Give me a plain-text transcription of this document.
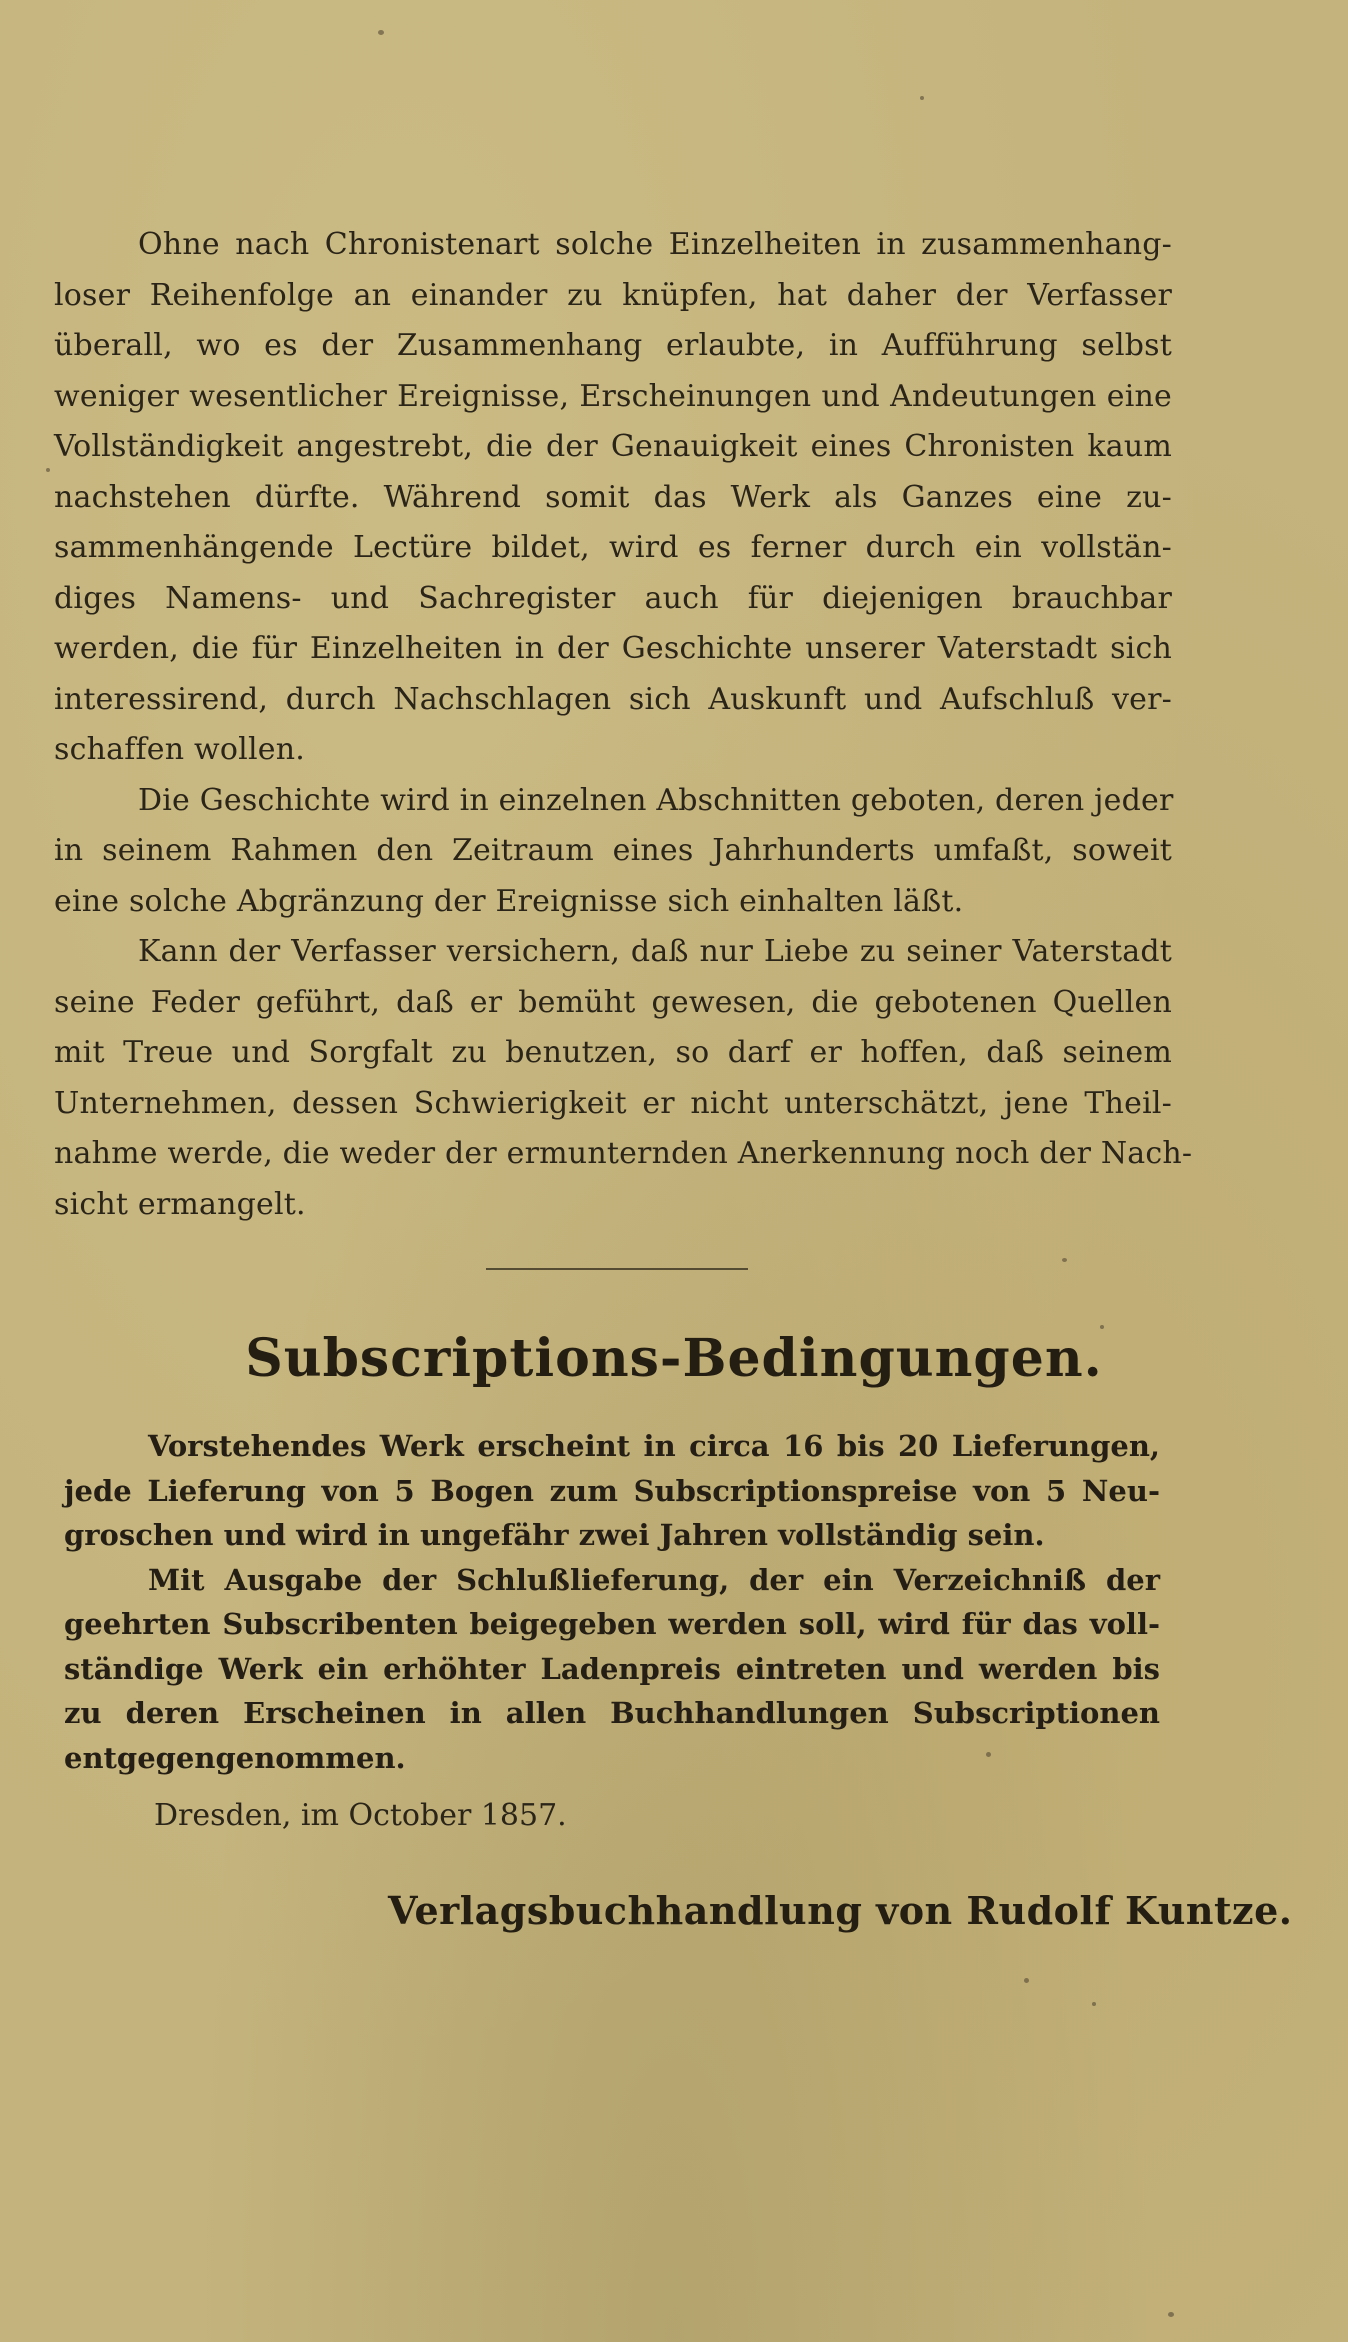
Ohne nach Chronistenart solche Einzelheiten in zusammenhang-
loser Reihenfolge an einander zu knüpfen, hat daher der Verfasser
überall, wo es der Zusammenhang erlaubte, in Aufführung selbst
weniger wesentlicher Ereignisse, Erscheinungen und Andeutungen eine
Vollständigkeit angestrebt, die der Genauigkeit eines Chronisten kaum
nachstehen dürfte. Während somit das Werk als Ganzes eine zu-
sammenhängende Lectüre bildet, wird es ferner durch ein vollstän-
diges Namens- und Sachregister auch für diejenigen brauchbar
werden, die für Einzelheiten in der Geschichte unserer Vaterstadt sich
interessirend, durch Nachschlagen sich Auskunft und Aufschluß ver-
schaffen wollen.
Die Geschichte wird in einzelnen Abschnitten geboten, deren jeder
in seinem Rahmen den Zeitraum eines Jahrhunderts umfaßt, soweit
eine solche Abgränzung der Ereignisse sich einhalten läßt.
Kann der Verfasser versichern, daß nur Liebe zu seiner Vaterstadt
seine Feder geführt, daß er bemüht gewesen, die gebotenen Quellen
mit Treue und Sorgfalt zu benutzen, so darf er hoffen, daß seinem
Unternehmen, dessen Schwierigkeit er nicht unterschätzt, jene Theil-
nahme werde, die weder der ermunternden Anerkennung noch der Nach-
sicht ermangelt.
Subscriptions-Bedingungen.
Vorstehendes Werk erscheint in circa 16 bis 20 Lieferungen,
jede Lieferung von 5 Bogen zum Subscriptionspreise von 5 Neu-
groschen und wird in ungefähr zwei Jahren vollständig sein.
Mit Ausgabe der Schlußlieferung, der ein Verzeichniß der
geehrten Subscribenten beigegeben werden soll, wird für das voll-
ständige Werk ein erhöhter Ladenpreis eintreten und werden bis
zu deren Erscheinen in allen Buchhandlungen Subscriptionen
entgegengenommen.
Dresden, im October 1857.
Verlagsbuchhandlung von Rudolf Kuntze.
